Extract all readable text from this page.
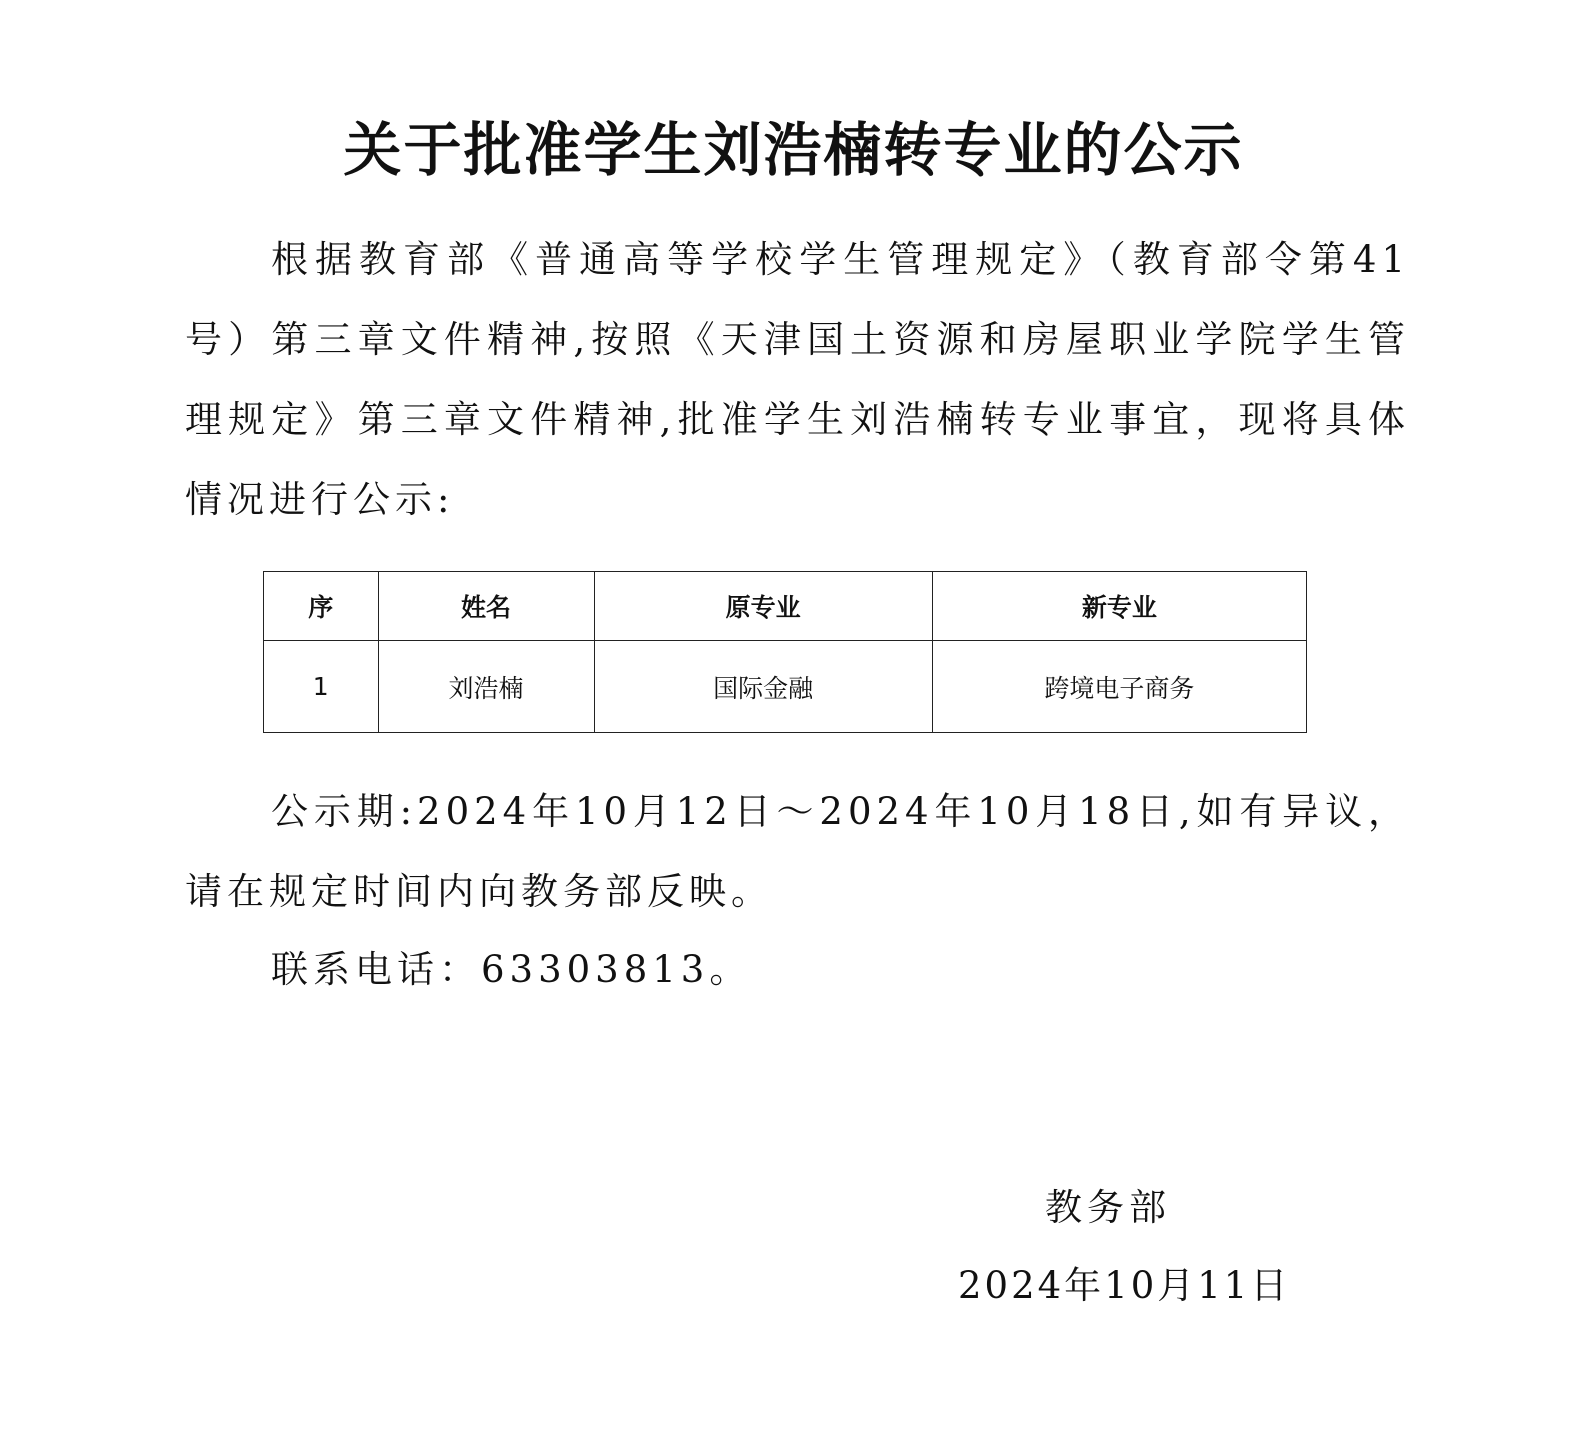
关于批准学生刘浩楠转专业的公示
根据教育部《普通高等学校学生管理规定》（教育部令第41号）第三章文件精神,按照《天津国土资源和房屋职业学院学生管理规定》第三章文件精神,批准学生刘浩楠转专业事宜，现将具体情况进行公示:
序	姓名	原专业	新专业
1	刘浩楠	国际金融	跨境电子商务
公示期:2024年10月12日～2024年10月18日,如有异议，请在规定时间内向教务部反映。
联系电话：63303813。
教务部
2024年10月11日
